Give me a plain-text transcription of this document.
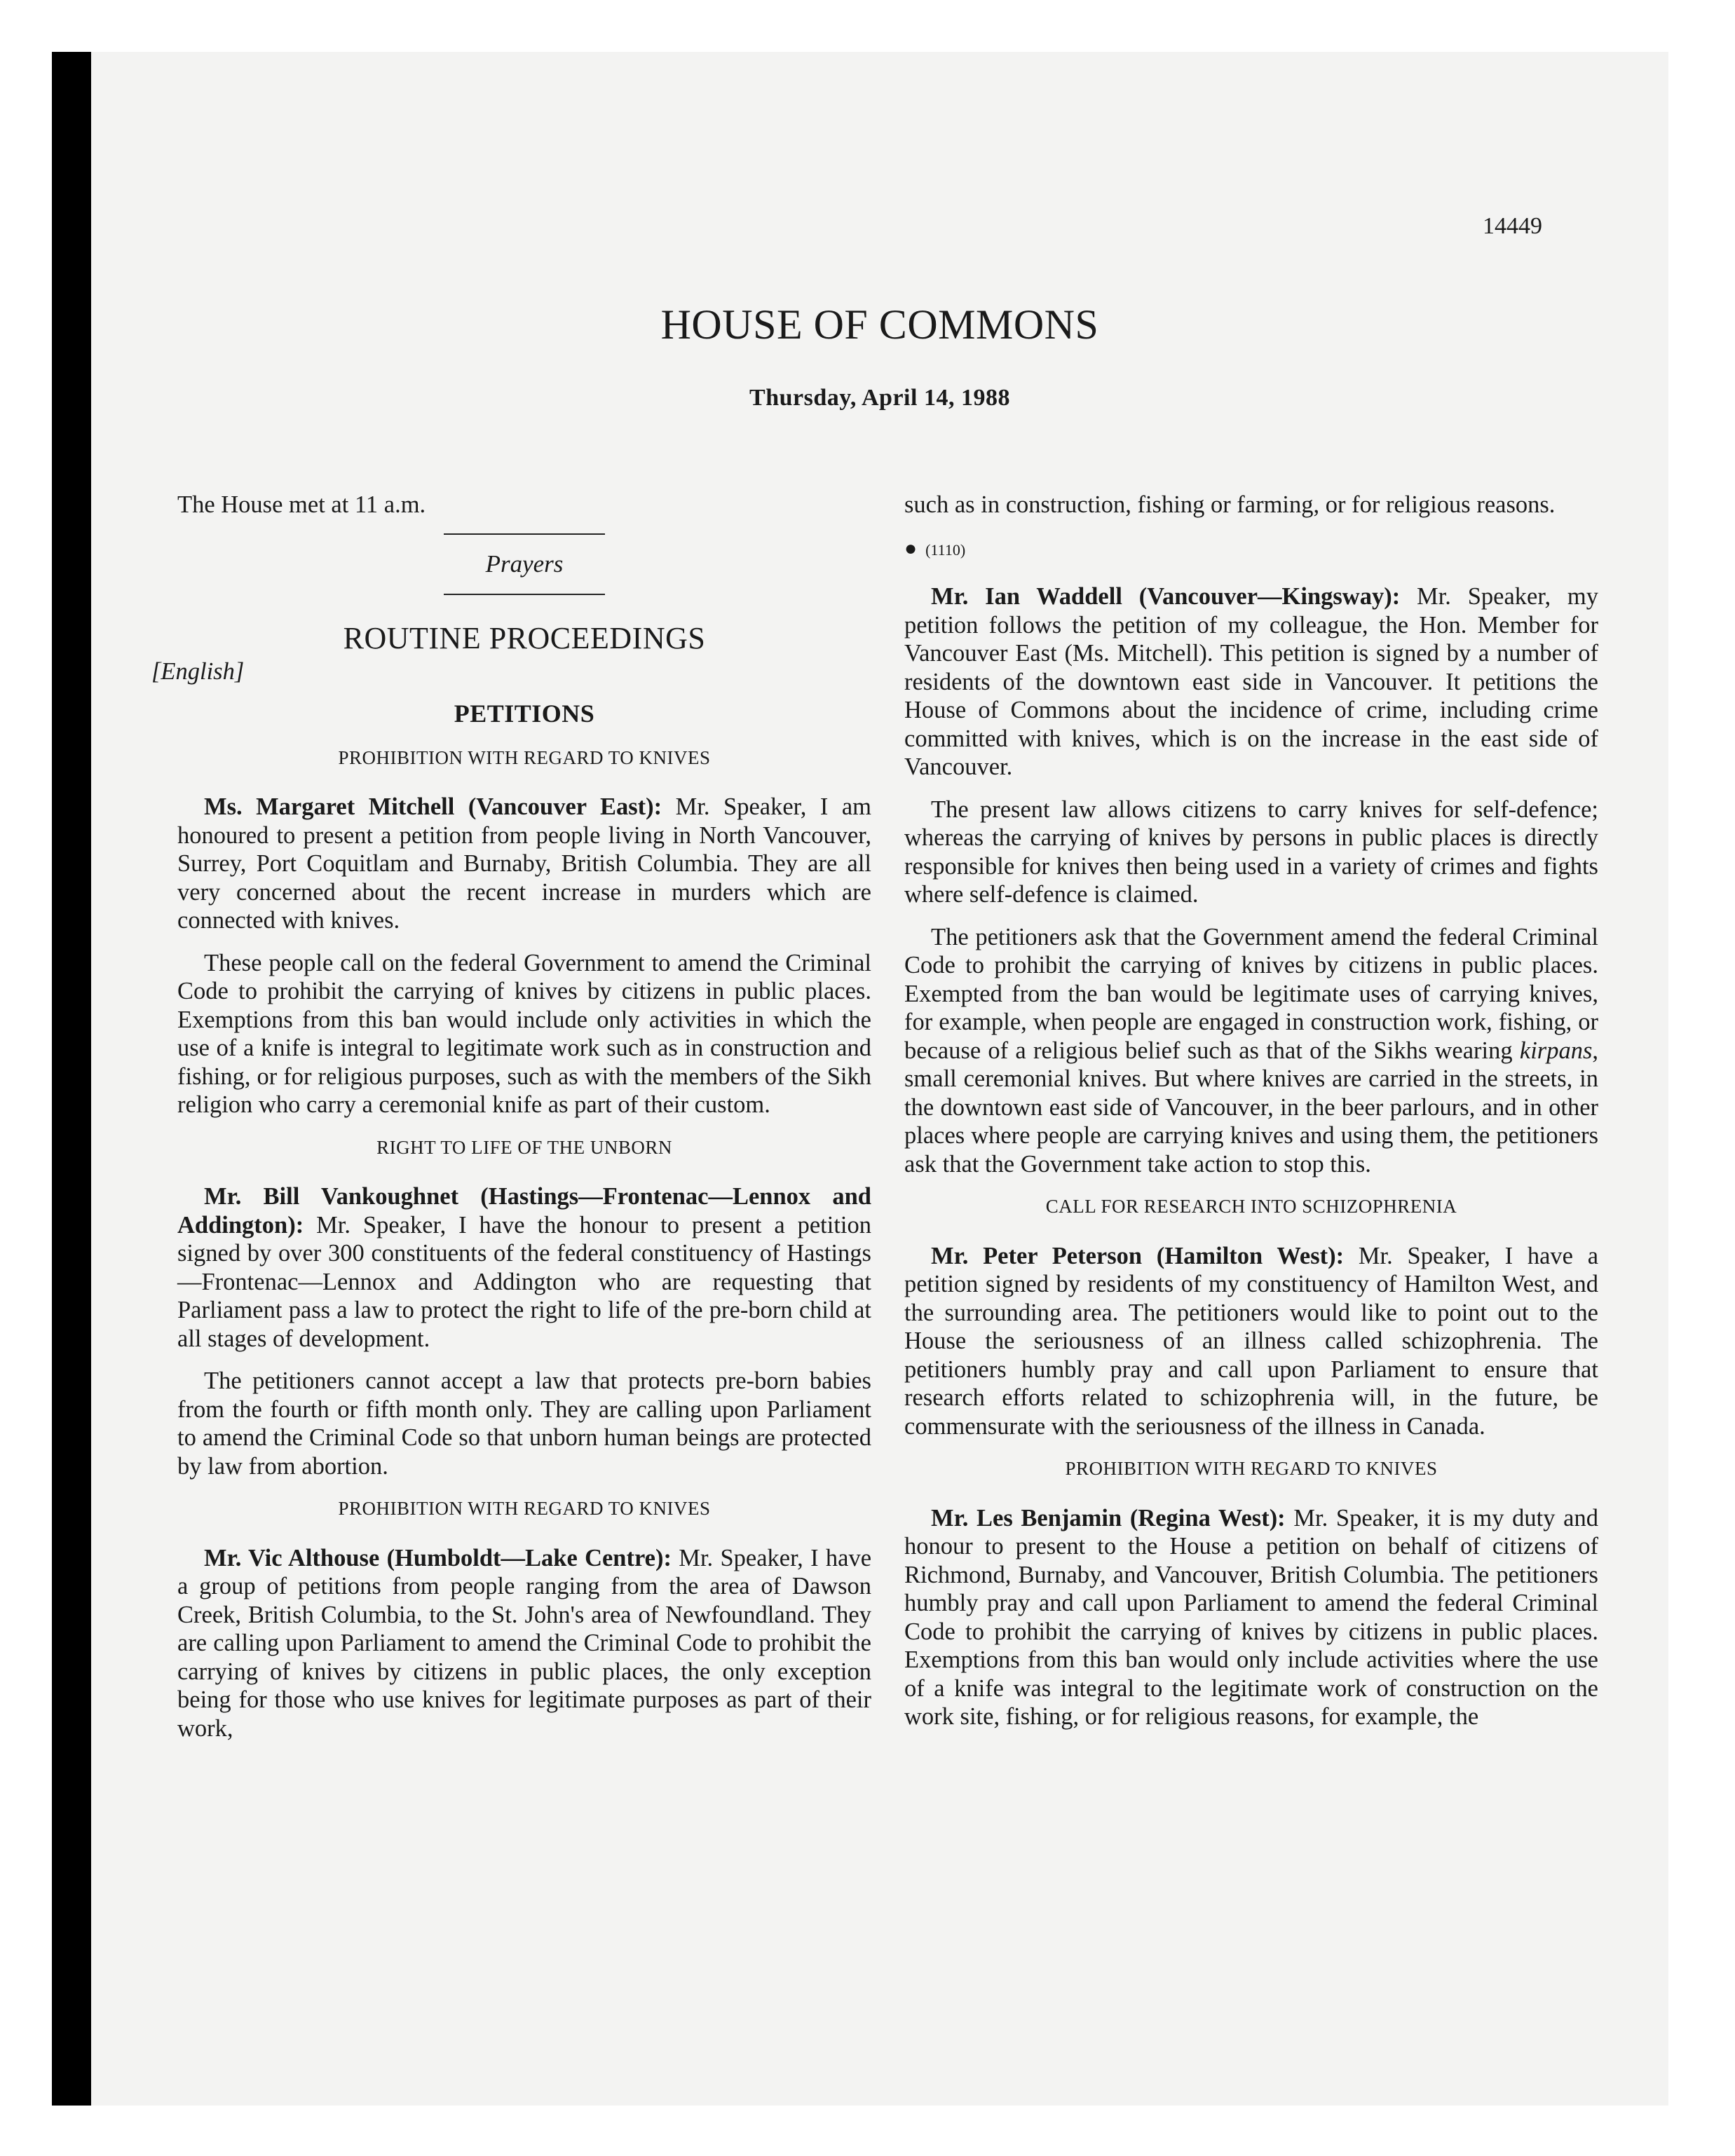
14449
HOUSE OF COMMONS
Thursday, April 14, 1988

The House met at 11 a.m.

Prayers
ROUTINE PROCEEDINGS
[English]
PETITIONS
PROHIBITION WITH REGARD TO KNIVES

Ms. Margaret Mitchell (Vancouver East): Mr. Speaker, I am honoured to present a petition from people living in North Vancouver, Surrey, Port Coquitlam and Burnaby, British Columbia. They are all very concerned about the recent increase in murders which are connected with knives.

These people call on the federal Government to amend the Criminal Code to prohibit the carrying of knives by citizens in public places. Exemptions from this ban would include only activities in which the use of a knife is integral to legitimate work such as in construction and fishing, or for religious purposes, such as with the members of the Sikh religion who carry a ceremonial knife as part of their custom.

RIGHT TO LIFE OF THE UNBORN

Mr. Bill Vankoughnet (Hastings—Frontenac—Lennox and Addington): Mr. Speaker, I have the honour to present a petition signed by over 300 constituents of the federal constituency of Hastings—Frontenac—Lennox and Addington who are requesting that Parliament pass a law to protect the right to life of the pre-born child at all stages of development.

The petitioners cannot accept a law that protects pre-born babies from the fourth or fifth month only. They are calling upon Parliament to amend the Criminal Code so that unborn human beings are protected by law from abortion.

PROHIBITION WITH REGARD TO KNIVES

Mr. Vic Althouse (Humboldt—Lake Centre): Mr. Speaker, I have a group of petitions from people ranging from the area of Dawson Creek, British Columbia, to the St. John's area of Newfoundland. They are calling upon Parliament to amend the Criminal Code to prohibit the carrying of knives by citizens in public places, the only exception being for those who use knives for legitimate purposes as part of their work,

such as in construction, fishing or farming, or for religious reasons.

● (1110)

Mr. Ian Waddell (Vancouver—Kingsway): Mr. Speaker, my petition follows the petition of my colleague, the Hon. Member for Vancouver East (Ms. Mitchell). This petition is signed by a number of residents of the downtown east side in Vancouver. It petitions the House of Commons about the incidence of crime, including crime committed with knives, which is on the increase in the east side of Vancouver.

The present law allows citizens to carry knives for self-defence; whereas the carrying of knives by persons in public places is directly responsible for knives then being used in a variety of crimes and fights where self-defence is claimed.

The petitioners ask that the Government amend the federal Criminal Code to prohibit the carrying of knives by citizens in public places. Exempted from the ban would be legitimate uses of carrying knives, for example, when people are engaged in construction work, fishing, or because of a religious belief such as that of the Sikhs wearing kirpans, small ceremonial knives. But where knives are carried in the streets, in the downtown east side of Vancouver, in the beer parlours, and in other places where people are carrying knives and using them, the petitioners ask that the Government take action to stop this.

CALL FOR RESEARCH INTO SCHIZOPHRENIA

Mr. Peter Peterson (Hamilton West): Mr. Speaker, I have a petition signed by residents of my constituency of Hamilton West, and the surrounding area. The petitioners would like to point out to the House the seriousness of an illness called schizophrenia. The petitioners humbly pray and call upon Parliament to ensure that research efforts related to schizophrenia will, in the future, be commensurate with the seriousness of the illness in Canada.

PROHIBITION WITH REGARD TO KNIVES

Mr. Les Benjamin (Regina West): Mr. Speaker, it is my duty and honour to present to the House a petition on behalf of citizens of Richmond, Burnaby, and Vancouver, British Columbia. The petitioners humbly pray and call upon Parliament to amend the federal Criminal Code to prohibit the carrying of knives by citizens in public places. Exemptions from this ban would only include activities where the use of a knife was integral to the legitimate work of construction on the work site, fishing, or for religious reasons, for example, the
